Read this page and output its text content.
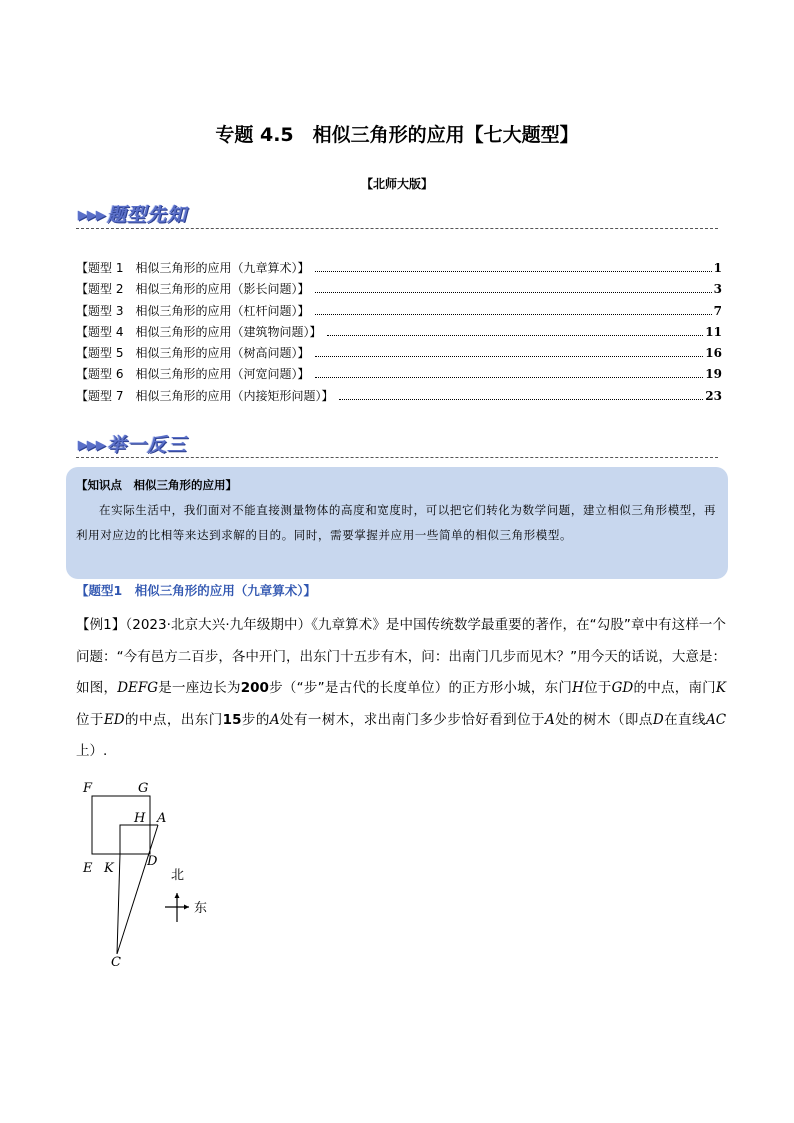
专题 4.5　相似三角形的应用【七大题型】
【北师大版】
▶▶▶ 题型先知
【题型 1　相似三角形的应用（九章算术）】	1
【题型 2　相似三角形的应用（影长问题）】	3
【题型 3　相似三角形的应用（杠杆问题）】	7
【题型 4　相似三角形的应用（建筑物问题）】	11
【题型 5　相似三角形的应用（树高问题）】	16
【题型 6　相似三角形的应用（河宽问题）】	19
【题型 7　相似三角形的应用（内接矩形问题）】	23
▶▶▶ 举一反三
【知识点　相似三角形的应用】
在实际生活中，我们面对不能直接测量物体的高度和宽度时，可以把它们转化为数学问题，建立相似三角形模型，再利用对应边的比相等来达到求解的目的。同时，需要掌握并应用一些简单的相似三角形模型。
【题型1　相似三角形的应用（九章算术）】
【例1】（2023·北京大兴·九年级期中）《九章算术》是中国传统数学最重要的著作，在“勾股”章中有这样一个问题：“今有邑方二百步，各中开门，出东门十五步有木，问：出南门几步而见木？”用今天的话说，大意是：如图，DEFG是一座边长为200步（“步”是古代的长度单位）的正方形小城，东门H位于GD的中点，南门K位于ED的中点，出东门15步的A处有一树木，求出南门多少步恰好看到位于A处的树木（即点D在直线AC上）.
F	G
H A
E K	D
C
北
东
